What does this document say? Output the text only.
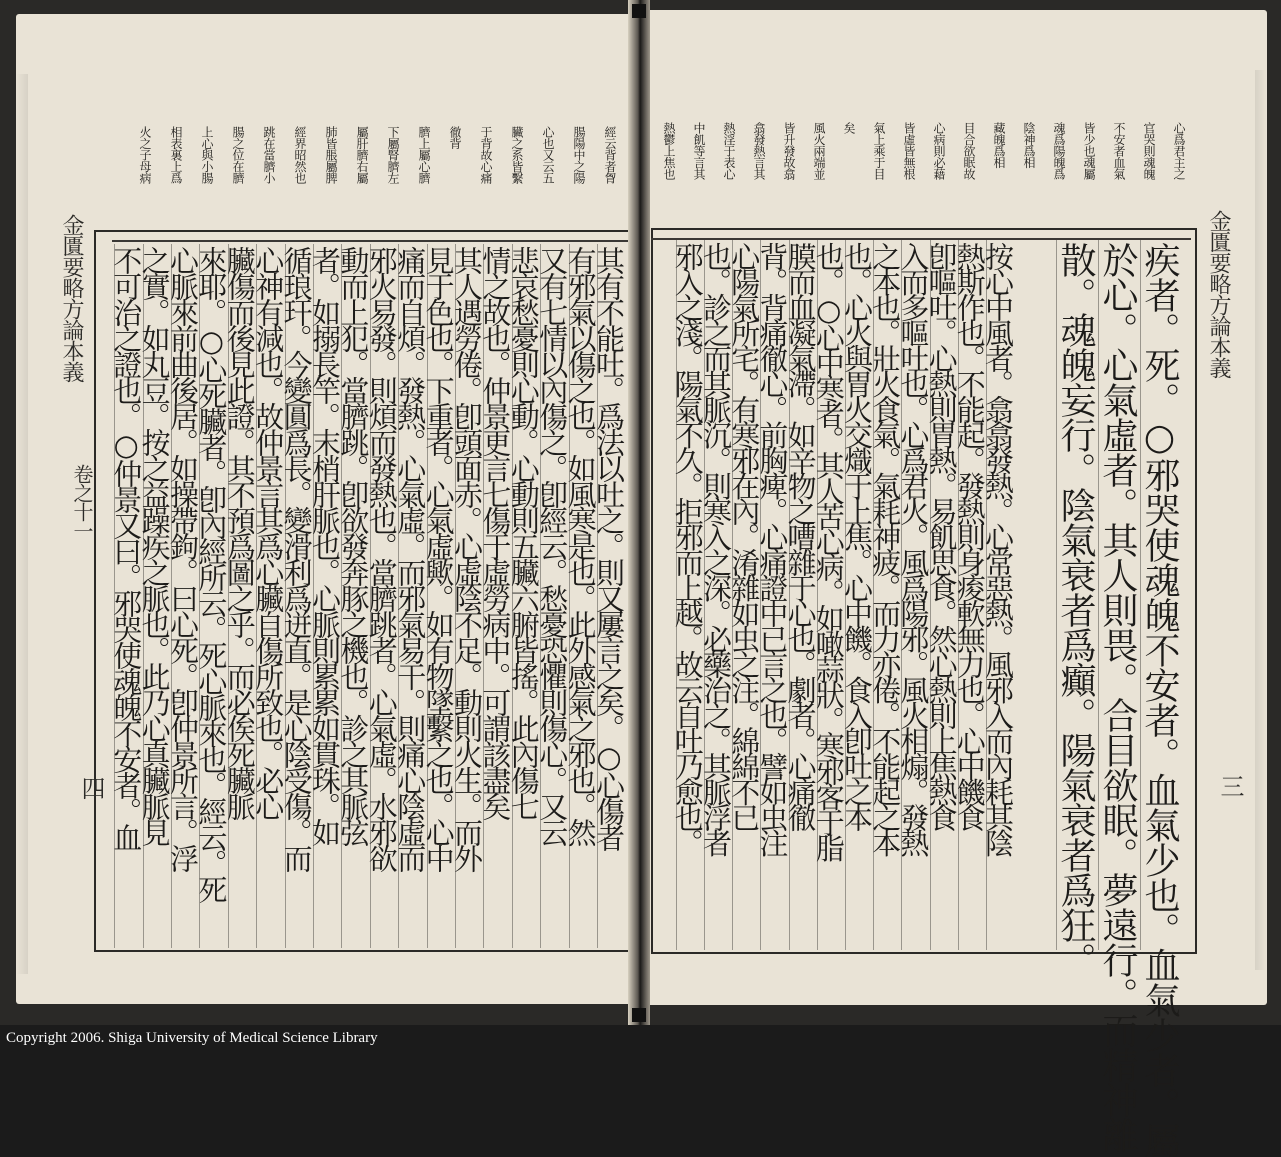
經云背者胷
腸陽中之陽
心也又云五
臟之系皆繫
于背故心痛
徹背
臍上屬心臍
下屬腎臍左
屬肝臍右屬
肺皆脹屬脾
經界昭然也
跳在當臍小
腸之位在臍
上心與小腸
相表裏上爲
火之子母病
其有不能吐。爲法以吐之。則又屢言之矣。○心傷者
有邪氣以傷之也。如風寒是也。此外感氣之邪也。然
又有七情以內傷之。卽經云。愁憂恐懼則傷心。又云
悲哀愁憂則心動。心動則五臟六腑皆搖。此內傷七
情之故也。仲景更言七傷于虛勞病中。可謂該盡矣
其人遇勞倦。卽頭面赤。心虛陰不足。動則火生。而外
見于色也。下重者。心氣虛歟。如有物墜繫之也。心中
痛而自煩。發熱。心氣虛。而邪氣易干。則痛心陰虛而
邪火易發。則煩而發熱也。當臍跳者。心氣虛。水邪欲
動而上犯。當臍跳。卽欲發奔豚之機也。診之其脈弦
者。如搦長竿。末梢肝脈也。心脈則累累如貫珠。如
循琅玕。今變圓爲長。變滑利爲迸直。是心陰受傷。而
心神有減也。故仲景言其爲心臟自傷所致也。必心
臟傷而後見此證。其不預爲圖之乎。而必俟死臟脈
來耶。○心死臟者。卽內經所云。死心脈來也。經云。死
心脈來前曲後居。如操帶鉤。曰心死。卽仲景所言。浮
之實。如丸豆。按之益躁疾之脈也。此乃心真臟脈見
不可治之證也。○仲景又曰。邪哭使魂魄不安者。血
金匱要略方論本義
卷之十一
四
心爲君主之
官哭則魂魄
不安者血氣
皆少也魂屬
魂爲陽魄爲
陰神爲相
藏魄爲相
目合欲眠故
心病則必藉
皆虛皆無根
氣上乘于目
矣
風火兩端並
皆升發故翕
翕發熱言其
熱淫于表心
中飢等言其
熱鬱上焦也
疾者。死。○邪哭使魂魄不安者。血氣少也。血氣少者。屬
於心。心氣虛者。其人則畏。合目欲眠。夢遠行。而精神離
散。魂魄妄行。陰氣衰者爲癲。陽氣衰者爲狂。
按心中風者。翕翕發熱。心常惡熱。風邪入而內耗其陰
熱斯作也。不能起。發熱則身痠軟無力也。心中饑食
卽嘔吐。心熱則胃熱。易飢思食。然心熱則上焦熱食
入而多嘔吐也。心爲君火。風爲陽邪。風火相煽。發熱
之本也。壯火食氣。氣耗神疲。而力亦倦。不能起之本
也。心火與胃火交熾于上焦。心中饑。食入卽吐之本
也。○心中寒者。其人苦心病。如噉蒜狀。寒邪客于脂
膜而血凝氣滯。如辛物之嘈雜于心也。劇者。心痛徹
背。背痛徹心。前胸痺。心痛證中已言之也。譬如虫注
心陽氣所宅。有寒邪在內。淆雜如虫之注。綿綿不已
也。診之而其脈沉。則寒入之深。必藥治之。其脈浮者
邪入之淺。陽氣不久。拒邪而上越。故云自吐乃愈也。	金匱要略方論本義
三
Copyright 2006. Shiga University of Medical Science Library
